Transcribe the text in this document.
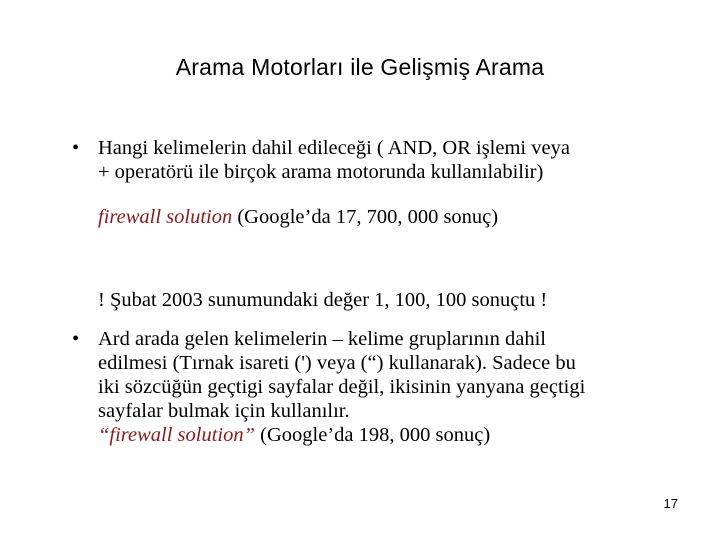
Arama Motorları ile Gelişmiş Arama
• Hangi kelimelerin dahil edileceği ( AND, OR işlemi veya
+ operatörü ile birçok arama motorunda kullanılabilir)
firewall solution (Google’da 17, 700, 000 sonuç)
! Şubat 2003 sunumundaki değer 1, 100, 100 sonuçtu !
• Ard arada gelen kelimelerin – kelime gruplarının dahil
edilmesi (Tırnak isareti (') veya (“) kullanarak). Sadece bu
iki sözcüğün geçtigi sayfalar değil, ikisinin yanyana geçtigi
sayfalar bulmak için kullanılır.
“firewall solution” (Google’da 198, 000 sonuç)
17
